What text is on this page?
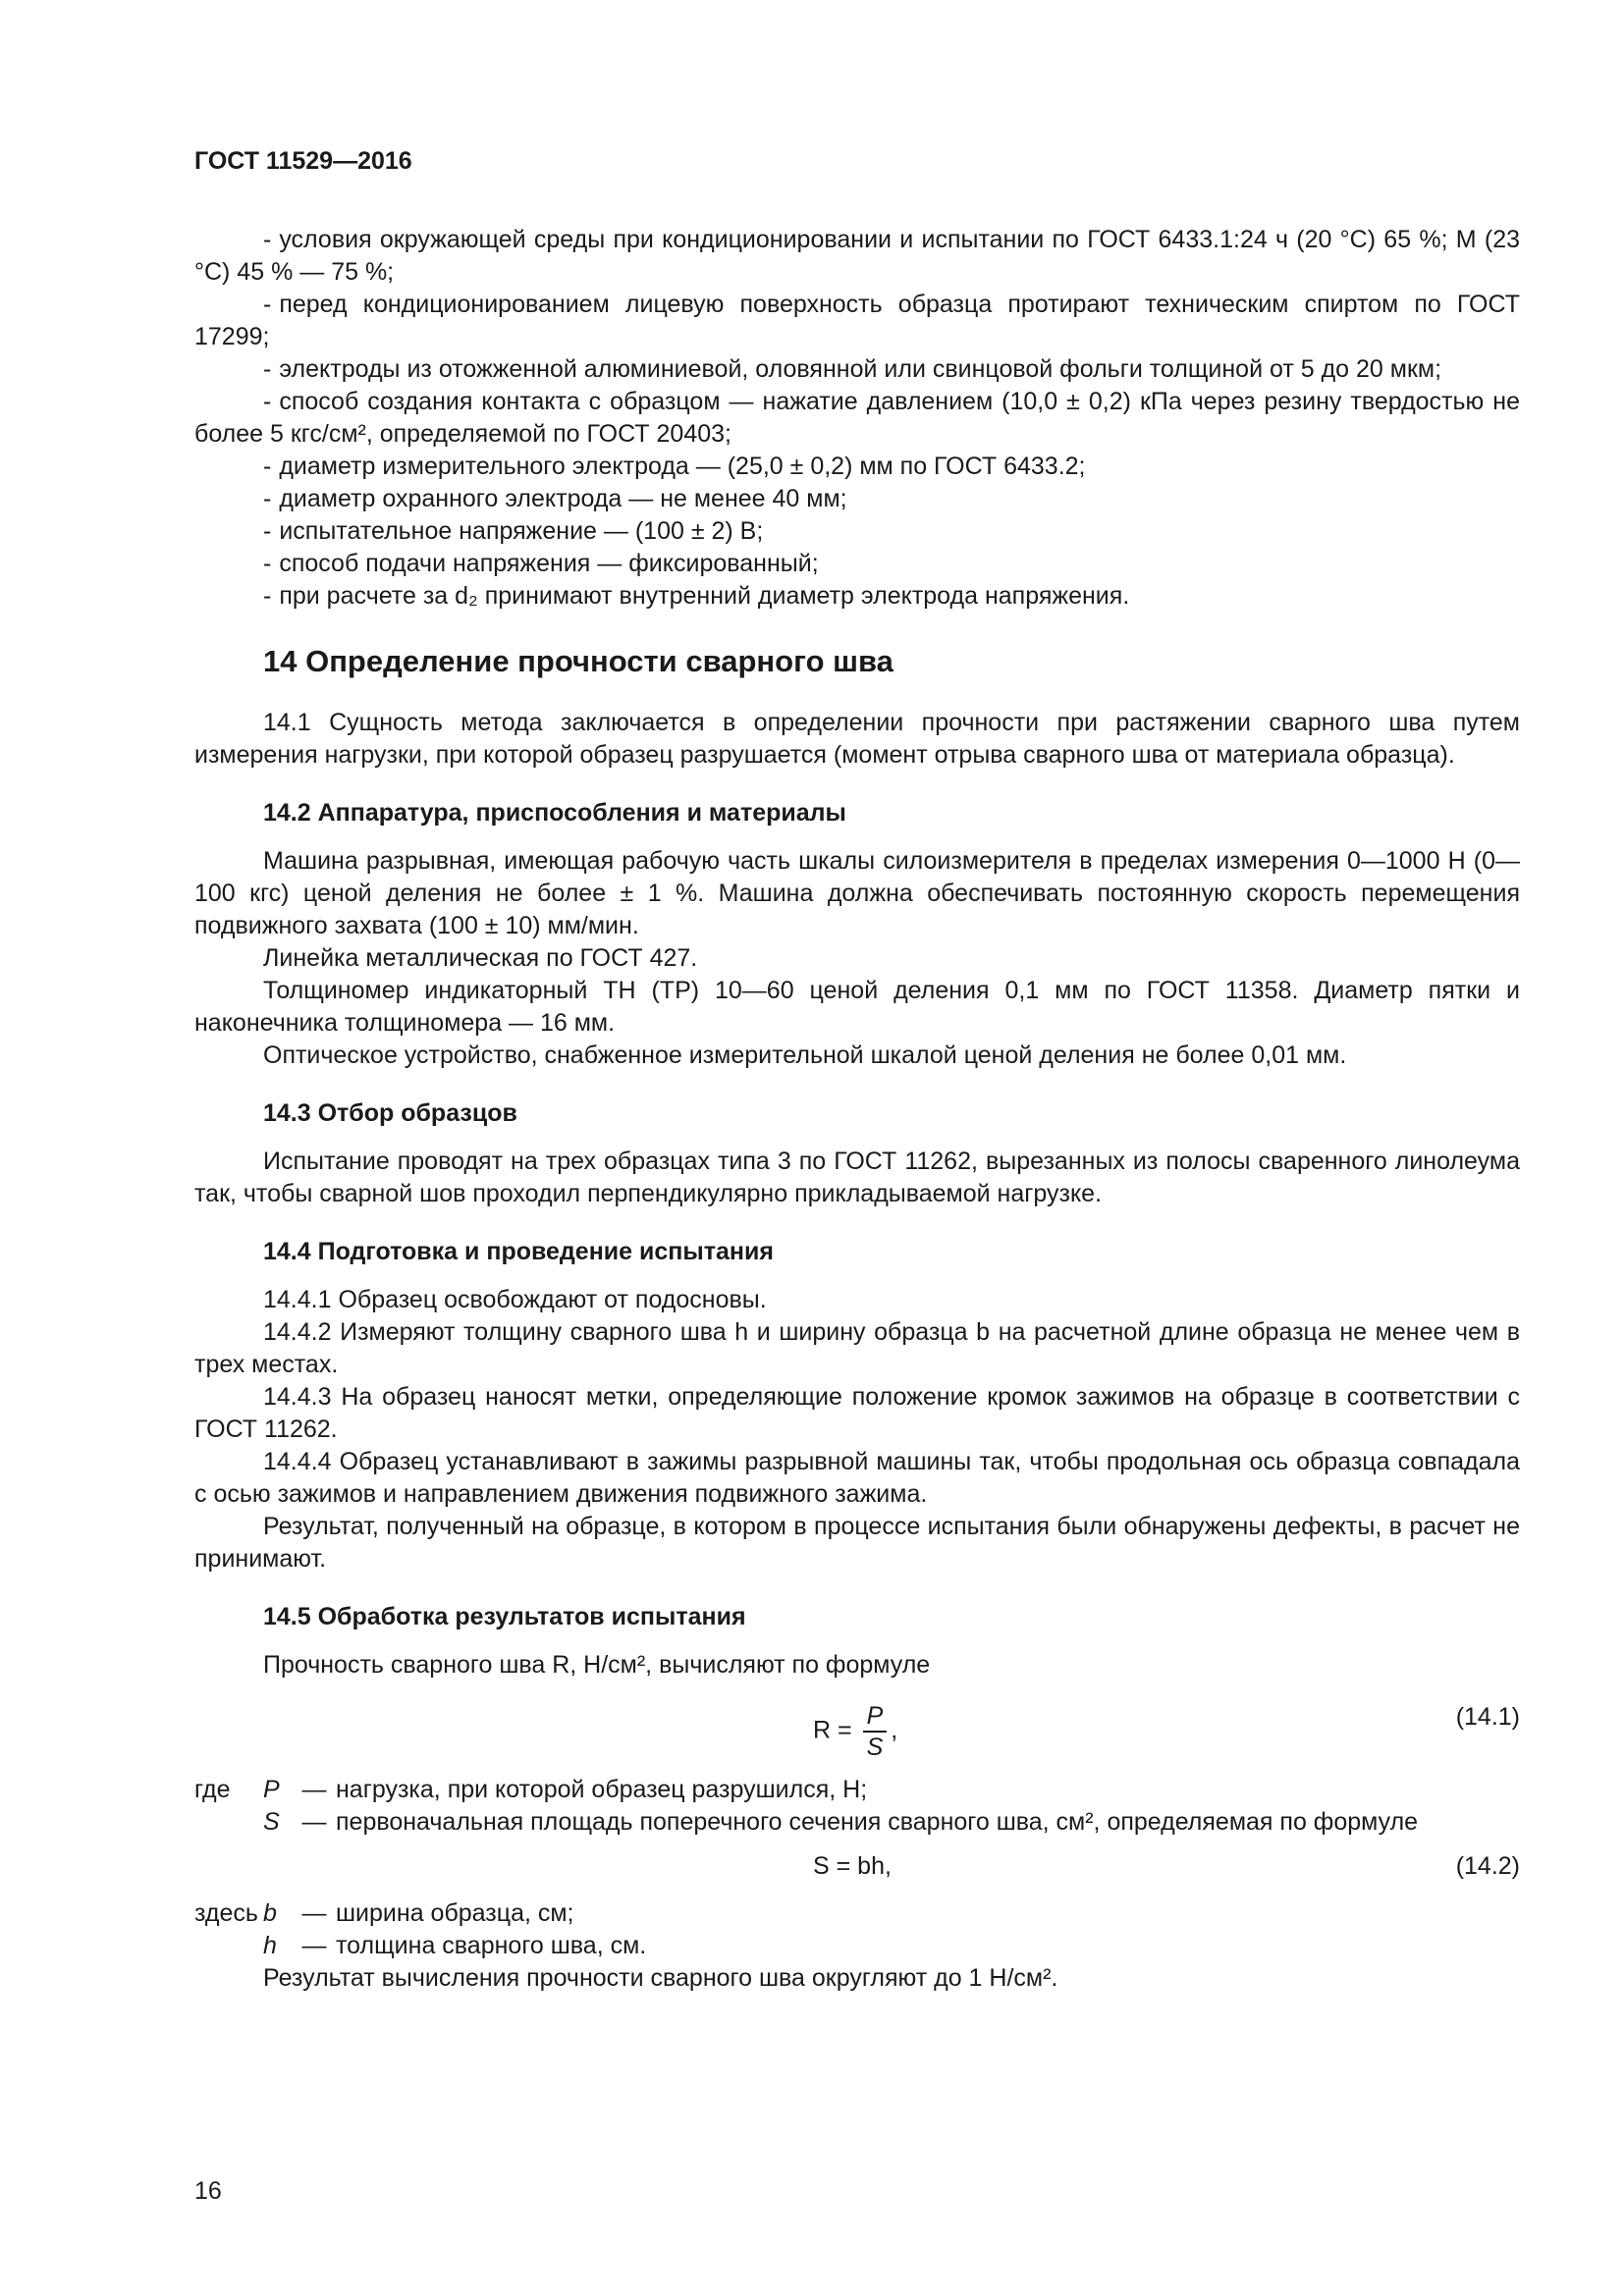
ГОСТ 11529—2016

- условия окружающей среды при кондиционировании и испытании по ГОСТ 6433.1:24 ч (20 °С) 65 %; М (23 °С) 45 % — 75 %;

- перед кондиционированием лицевую поверхность образца протирают техническим спиртом по ГОСТ 17299;

- электроды из отожженной алюминиевой, оловянной или свинцовой фольги толщиной от 5 до 20 мкм;

- способ создания контакта с образцом — нажатие давлением (10,0 ± 0,2) кПа через резину твердостью не более 5 кгс/см², определяемой по ГОСТ 20403;

- диаметр измерительного электрода — (25,0 ± 0,2) мм по ГОСТ 6433.2;

- диаметр охранного электрода — не менее 40 мм;

- испытательное напряжение — (100 ± 2) В;

- способ подачи напряжения — фиксированный;

- при расчете за d₂ принимают внутренний диаметр электрода напряжения.

14 Определение прочности сварного шва

14.1 Сущность метода заключается в определении прочности при растяжении сварного шва путем измерения нагрузки, при которой образец разрушается (момент отрыва сварного шва от материала образца).

14.2 Аппаратура, приспособления и материалы

Машина разрывная, имеющая рабочую часть шкалы силоизмерителя в пределах измерения 0—1000 Н (0—100 кгс) ценой деления не более ± 1 %. Машина должна обеспечивать постоянную скорость перемещения подвижного захвата (100 ± 10) мм/мин.

Линейка металлическая по ГОСТ 427.

Толщиномер индикаторный ТН (ТР) 10—60 ценой деления 0,1 мм по ГОСТ 11358. Диаметр пятки и наконечника толщиномера — 16 мм.

Оптическое устройство, снабженное измерительной шкалой ценой деления не более 0,01 мм.

14.3 Отбор образцов

Испытание проводят на трех образцах типа 3 по ГОСТ 11262, вырезанных из полосы сваренного линолеума так, чтобы сварной шов проходил перпендикулярно прикладываемой нагрузке.

14.4 Подготовка и проведение испытания

14.4.1 Образец освобождают от подосновы.

14.4.2 Измеряют толщину сварного шва h и ширину образца b на расчетной длине образца не менее чем в трех местах.

14.4.3 На образец наносят метки, определяющие положение кромок зажимов на образце в соответствии с ГОСТ 11262.

14.4.4 Образец устанавливают в зажимы разрывной машины так, чтобы продольная ось образца совпадала с осью зажимов и направлением движения подвижного зажима.

Результат, полученный на образце, в котором в процессе испытания были обнаружены дефекты, в расчет не принимают.

14.5 Обработка результатов испытания

Прочность сварного шва R, Н/см², вычисляют по формуле

$R = \frac{P}{S}$ ,	(14.1)
где	P — нагрузка, при которой образец разрушился, Н;
S — первоначальная площадь поперечного сечения сварного шва, см², определяемая по формуле
S = bh,	(14.2)
здесь b	— ширина образца, см;
h	— толщина сварного шва, см.

Результат вычисления прочности сварного шва округляют до 1 Н/см².

16
